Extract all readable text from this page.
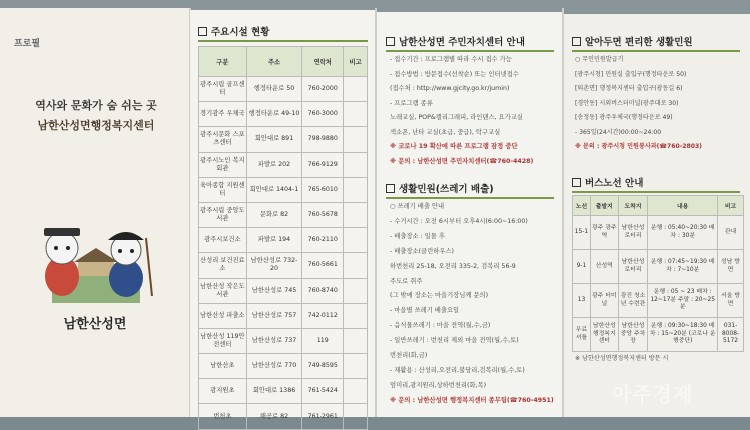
프로필
역사와 문화가 숨 쉬는 곳
남한산성면행정복지센터
남한산성면
주요시설 현황
구분	주소	연락처	비고
광주시립 골프센터	행정타운로 50	760-2000	
경기광주 우체국	행정타운로 49-10	760-3000	
광주시문화 스포츠센터	회안대로 891	798-9880	
광주시노인 복지회관	파발로 202	766-9129	
육아종합 지원센터	회안대로 1404-1	765-6010	
광주시립 중앙도서관	문화로 82	760-5678	
광주시보건소	파발로 194	760-2110	
산성리 보건진료소	남한산성로 732-20	760-5661	
남한산성 작은도서관	남한산성로 745	760-8740	
남한산성 파출소	남한산성로 757	742-0112	
남한산성 119안전센터	남한산성로 737	119	
남한산초	남한산성로 770	749-8595	
광지원초	회안대로 1386	761-5424	
번천초	해공로 82	761-2961	
남한산성면 주민자치센터 안내
- 접수기간 : 프로그램별 따라 수시 접수 가능
- 접수방법 : 방문접수(선착순) 또는 인터넷접수
(접수처 : http://www.gjcity.go.kr/jumin)
- 프로그램 종류
노래교실, POP&캘리그래피, 라인댄스, 요가교실
색소폰, 난타 교실(초급, 중급), 탁구교실
※ 코로나 19 확산에 따른 프로그램 잠정 중단
※ 문의 : 남한산성면 주민자치센터(☎760-4428)
생활민원(쓰레기 배출)
○ 쓰레기 배출 안내
- 수거시간 : 오전 6시부터 오후4시(6:00~16:00)
- 배출장소 : 일몰 후
- 배출장소(클린하우스)
하번천리 25-18, 오전리 335-2, 검복리 56-9
주도로 취주
(그 밖에 장소는 마을기장님께 문의)
- 마을별 쓰레기 배출요일
- 음식물쓰레기 : 마을 전역(월,수,금)
- 일반쓰레기 : 번천리 제외 마을 전역(월,수,토)
번천리(화,금)
- 재활용 : 산성리,오전리,불당리,검복리(월,수,토)
엄미리,광지원리,상하번천리(화,목)
※ 문의 : 남한산성면 행정복지센터 종무팀(☎760-4951)
알아두면 편리한 생활민원
○ 무인민원발급기
[광주시청] 민원실 출입구(행정타운로 50)
[퇴촌면] 행정복지센터 출입구(광동길 6)
[경안동] 시외버스터미널(광주대로 30)
[송정동] 광주우체국(행정타운로 49)
- 365일(24시간)00:00~24:00
※ 문의 : 광주시청 민원봉사과(☎760-2803)
버스노선 안내
노선	출발지	도착지	내용	비고
15-1	광주 광주역	남한산성 로터리	운행 : 05:40~20:30 배차 : 30분	관내
9-1	산성역	남한산성 로터리	운행 : 07:45~19:30 배차 : 7~10분	성남 방면
13	광주 터미널	광진 청소년 수련관	운행 : 05 ~ 23 배차 : 12~17분 주말 : 20~25분	서울 방면
무료 셔틀	남한산성 행정복지 센터	남한산성 중앙 주차장	운행 : 09:30~18:30 배차 : 15~20분 (코로나 운행중단)	031-8008-5172
※ 남한산성면행정복지센터 방문 시
아주경제
